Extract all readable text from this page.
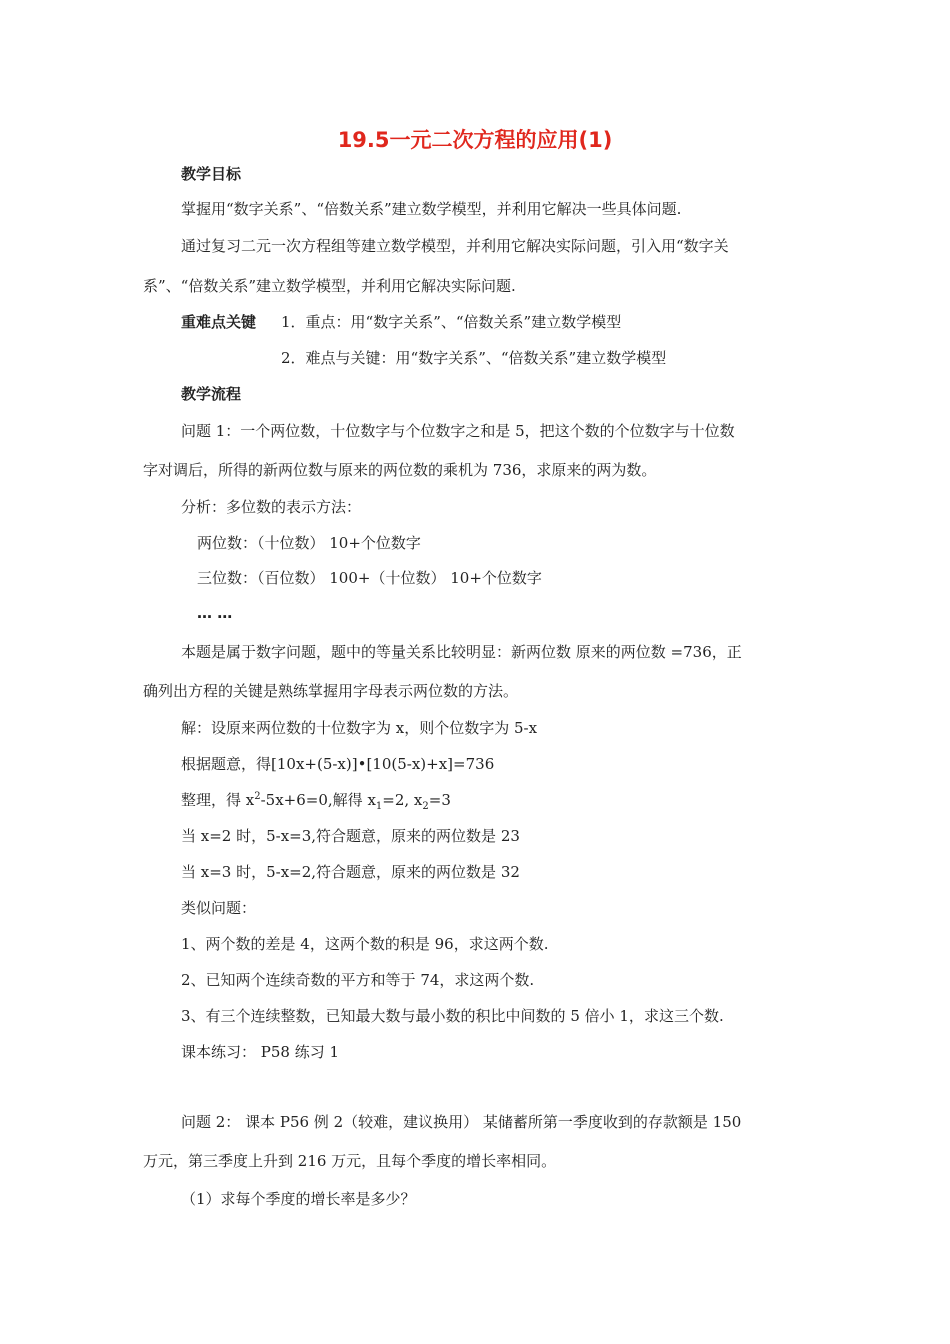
19.5一元二次方程的应用(1)
教学目标
掌握用“数字关系”、“倍数关系”建立数学模型，并利用它解决一些具体问题.
通过复习二元一次方程组等建立数学模型，并利用它解决实际问题，引入用“数字关
系”、“倍数关系”建立数学模型，并利用它解决实际问题.
重难点关键 1．重点：用“数字关系”、“倍数关系”建立数学模型
2．难点与关键：用“数字关系”、“倍数关系”建立数学模型
教学流程
问题 1：一个两位数，十位数字与个位数字之和是 5，把这个数的个位数字与十位数
字对调后，所得的新两位数与原来的两位数的乘机为 736，求原来的两为数。
分析：多位数的表示方法：
两位数：（十位数） 10+个位数字
三位数：（百位数） 100+（十位数） 10+个位数字
… …
本题是属于数字问题，题中的等量关系比较明显：新两位数 原来的两位数 =736，正
确列出方程的关键是熟练掌握用字母表示两位数的方法。
解：设原来两位数的十位数字为 x，则个位数字为 5-x
根据题意，得[10x+(5-x)]•[10(5-x)+x]=736
整理，得 $x^2-5x+6=0$,解得 $x_1=2$, $x_2=3$
当 x=2 时，5-x=3,符合题意，原来的两位数是 23
当 x=3 时，5-x=2,符合题意，原来的两位数是 32
类似问题：
1、两个数的差是 4，这两个数的积是 96，求这两个数.
2、已知两个连续奇数的平方和等于 74，求这两个数.
3、有三个连续整数，已知最大数与最小数的积比中间数的 5 倍小 1，求这三个数.
课本练习： P58 练习 1
问题 2： 课本 P56 例 2（较难，建议换用） 某储蓄所第一季度收到的存款额是 150
万元，第三季度上升到 216 万元，且每个季度的增长率相同。
（1）求每个季度的增长率是多少？
